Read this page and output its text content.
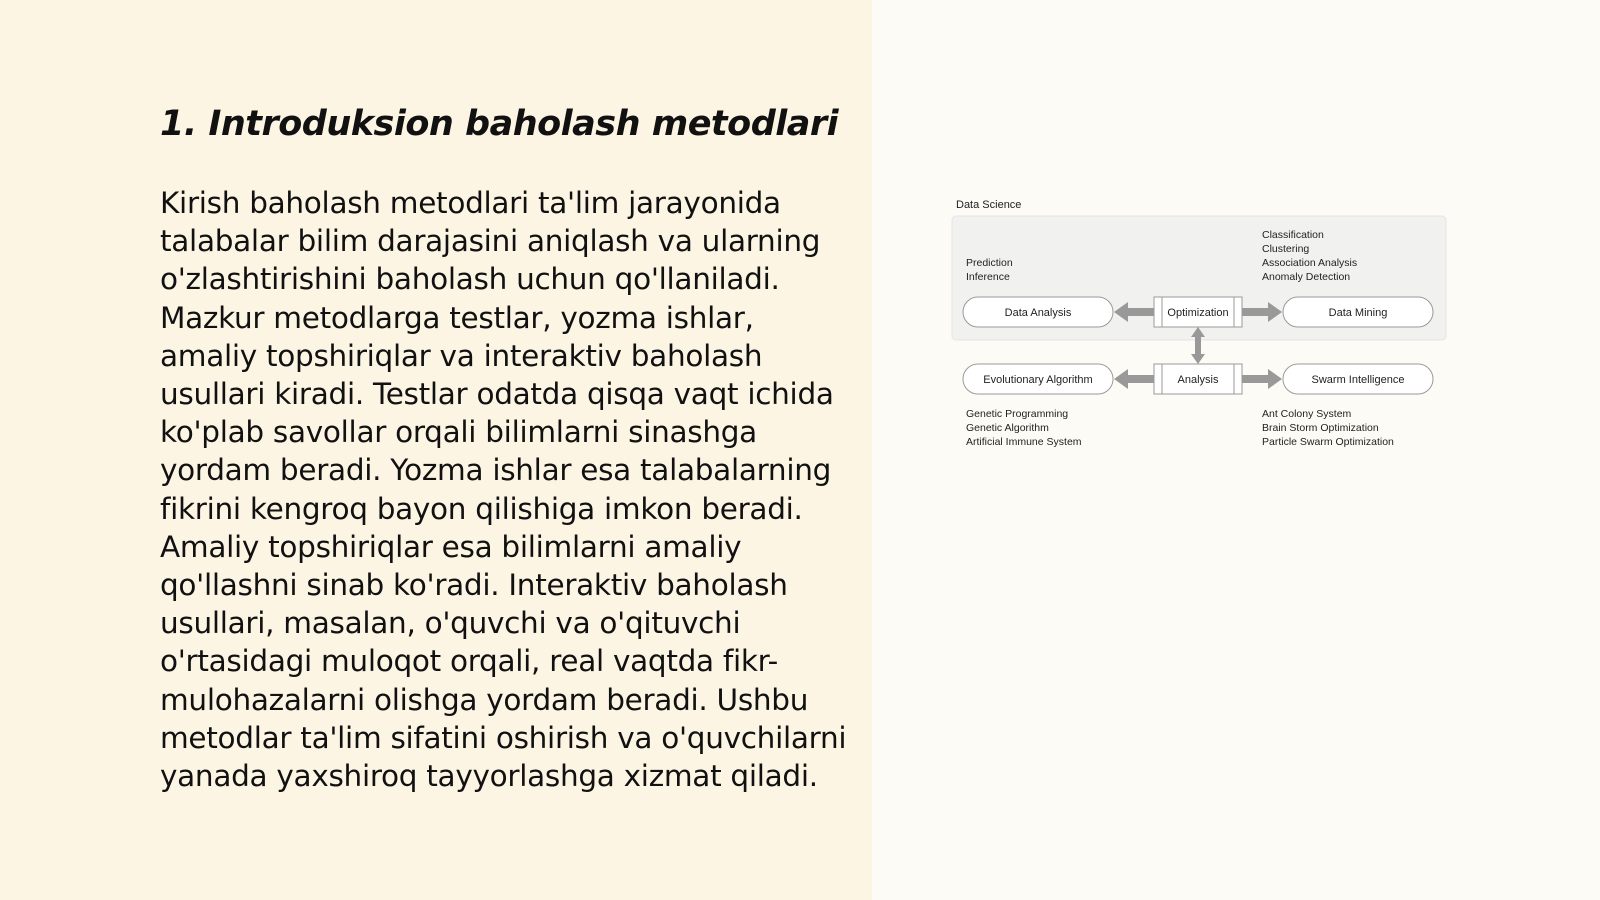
1. Introduksion baholash metodlari

Kirish baholash metodlari ta'lim jarayonida talabalar bilim darajasini aniqlash va ularning o'zlashtirishini baholash uchun qo'llaniladi. Mazkur metodlarga testlar, yozma ishlar, amaliy topshiriqlar va interaktiv baholash usullari kiradi. Testlar odatda qisqa vaqt ichida ko'plab savollar orqali bilimlarni sinashga yordam beradi. Yozma ishlar esa talabalarning fikrini kengroq bayon qilishiga imkon beradi. Amaliy topshiriqlar esa bilimlarni amaliy qo'llashni sinab ko'radi. Interaktiv baholash usullari, masalan, o'quvchi va o'qituvchi o'rtasidagi muloqot orqali, real vaqtda fikr-mulohazalarni olishga yordam beradi. Ushbu metodlar ta'lim sifatini oshirish va o'quvchilarni yanada yaxshiroq tayyorlashga xizmat qiladi.

Data Science
Prediction
Inference
Classification
Clustering
Association Analysis
Anomaly Detection
Data Analysis	Optimization	Data Mining
Evolutionary Algorithm	Analysis	Swarm Intelligence
Genetic Programming
Genetic Algorithm
Artificial Immune System
Ant Colony System
Brain Storm Optimization
Particle Swarm Optimization
